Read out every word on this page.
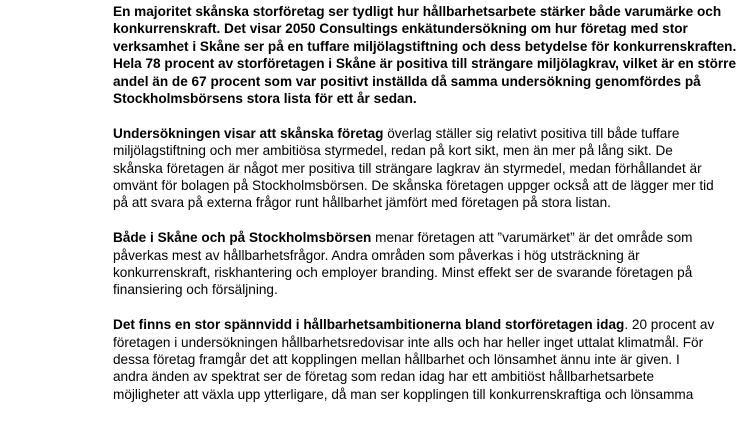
En majoritet skånska storföretag ser tydligt hur hållbarhetsarbete stärker både varumärke och
konkurrenskraft. Det visar 2050 Consultings enkätundersökning om hur företag med stor
verksamhet i Skåne ser på en tuffare miljölagstiftning och dess betydelse för konkurrenskraften.
Hela 78 procent av storföretagen i Skåne är positiva till strängare miljölagkrav, vilket är en större
andel än de 67 procent som var positivt inställda då samma undersökning genomfördes på
Stockholmsbörsens stora lista för ett år sedan.

Undersökningen visar att skånska företag överlag ställer sig relativt positiva till både tuffare
miljölagstiftning och mer ambitiösa styrmedel, redan på kort sikt, men än mer på lång sikt. De
skånska företagen är något mer positiva till strängare lagkrav än styrmedel, medan förhållandet är
omvänt för bolagen på Stockholmsbörsen. De skånska företagen uppger också att de lägger mer tid
på att svara på externa frågor runt hållbarhet jämfört med företagen på stora listan.

Både i Skåne och på Stockholmsbörsen menar företagen att ”varumärket” är det område som
påverkas mest av hållbarhetsfrågor. Andra områden som påverkas i hög utsträckning är
konkurrenskraft, riskhantering och employer branding. Minst effekt ser de svarande företagen på
finansiering och försäljning.

Det finns en stor spännvidd i hållbarhetsambitionerna bland storföretagen idag. 20 procent av
företagen i undersökningen hållbarhetsredovisar inte alls och har heller inget uttalat klimatmål. För
dessa företag framgår det att kopplingen mellan hållbarhet och lönsamhet ännu inte är given. I
andra änden av spektrat ser de företag som redan idag har ett ambitiöst hållbarhetsarbete
möjligheter att växla upp ytterligare, då man ser kopplingen till konkurrenskraftiga och lönsamma
